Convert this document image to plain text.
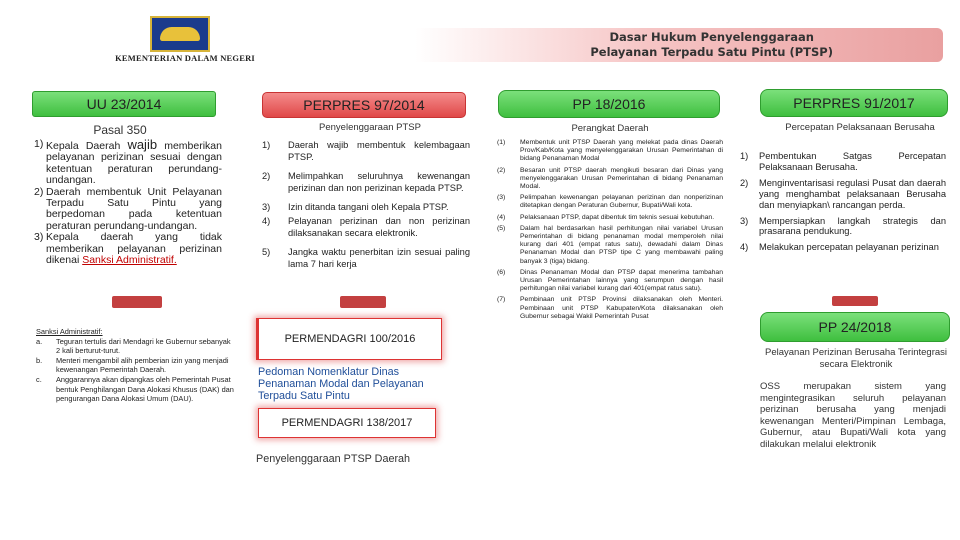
KEMENTERIAN DALAM NEGERI
Dasar Hukum Penyelenggaraan
Pelayanan Terpadu Satu Pintu (PTSP)
UU 23/2014
Pasal 350
1) Kepala Daerah wajib memberikan pelayanan perizinan sesuai dengan ketentuan peraturan perundang-undangan.
2) Daerah membentuk Unit Pelayanan Terpadu Satu Pintu yang berpedoman pada ketentuan peraturan perundang-undangan.
3) Kepala daerah yang tidak memberikan pelayanan perizinan dikenai Sanksi Administratif.
Sanksi Administratif:
a.	Teguran tertulis dari Mendagri ke Gubernur sebanyak 2 kali berturut-turut.
b.	Menteri mengambil alih pemberian izin yang menjadi kewenangan Pemerintah Daerah.
c.	Anggarannya akan dipangkas oleh Pemerintah Pusat bentuk Penghilangan Dana Alokasi Khusus (DAK) dan pengurangan Dana Alokasi Umum (DAU).
PERPRES 97/2014
Penyelenggaraan PTSP
1)	Daerah wajib membentuk kelembagaan PTSP.
2)	Melimpahkan seluruhnya kewenangan perizinan dan non perizinan kepada PTSP.
3)	Izin ditanda tangani oleh Kepala PTSP.
4)	Pelayanan perizinan dan non perizinan dilaksanakan secara elektronik.
5)	Jangka waktu penerbitan izin sesuai paling lama 7 hari kerja
PERMENDAGRI 100/2016
Pedoman Nomenklatur Dinas Penanaman Modal dan Pelayanan Terpadu Satu Pintu
PERMENDAGRI 138/2017
Penyelenggaraan PTSP Daerah
PP 18/2016
Perangkat Daerah
(1)	Membentuk unit PTSP Daerah yang melekat pada dinas Daerah Prov/Kab/Kota yang menyelenggarakan Urusan Pemerintahan di bidang Penanaman Modal
(2)	Besaran unit PTSP daerah mengikuti besaran dari Dinas yang menyelenggarakan Urusan Pemerintahan di bidang Penanaman Modal.
(3)	Pelimpahan kewenangan pelayanan perizinan dan nonperizinan ditetapkan dengan Peraturan Gubernur, Bupati/Wali kota.
(4)	Pelaksanaan PTSP, dapat dibentuk tim teknis sesuai kebutuhan.
(5)	Dalam hal berdasarkan hasil perhitungan nilai variabel Urusan Pemerintahan di bidang penanaman modal memperoleh nilai kurang dari 401 (empat ratus satu), dewadahi dalam Dinas Penanaman Modal dan PTSP tipe C yang membawahi paling banyak 3 (tiga) bidang.
(6)	Dinas Penanaman Modal dan PTSP dapat menerima tambahan Urusan Pemerintahan lainnya yang serumpun dengan hasil perhitungan nilai variabel kurang dari 401(empat ratus satu).
(7)	Pembinaan unit PTSP Provinsi dilaksanakan oleh Menteri. Pembinaan unit PTSP Kabupaten/Kota dilaksanakan oleh Gubernur sebagai Wakil Pemerintah Pusat
PERPRES 91/2017
Percepatan Pelaksanaan Berusaha
1)	Pembentukan Satgas Percepatan Pelaksanaan Berusaha.
2)	Menginventarisasi regulasi Pusat dan daerah yang menghambat pelaksanaan Berusaha dan menyiapkan\ rancangan perda.
3)	Mempersiapkan langkah strategis dan prasarana pendukung.
4)	Melakukan percepatan pelayanan perizinan
PP 24/2018
Pelayanan Perizinan Berusaha Terintegrasi secara Elektronik
OSS merupakan sistem yang mengintegrasikan seluruh pelayanan perizinan berusaha yang menjadi kewenangan Menteri/Pimpinan Lembaga, Gubernur, atau Bupati/Wali kota yang dilakukan melalui elektronik
